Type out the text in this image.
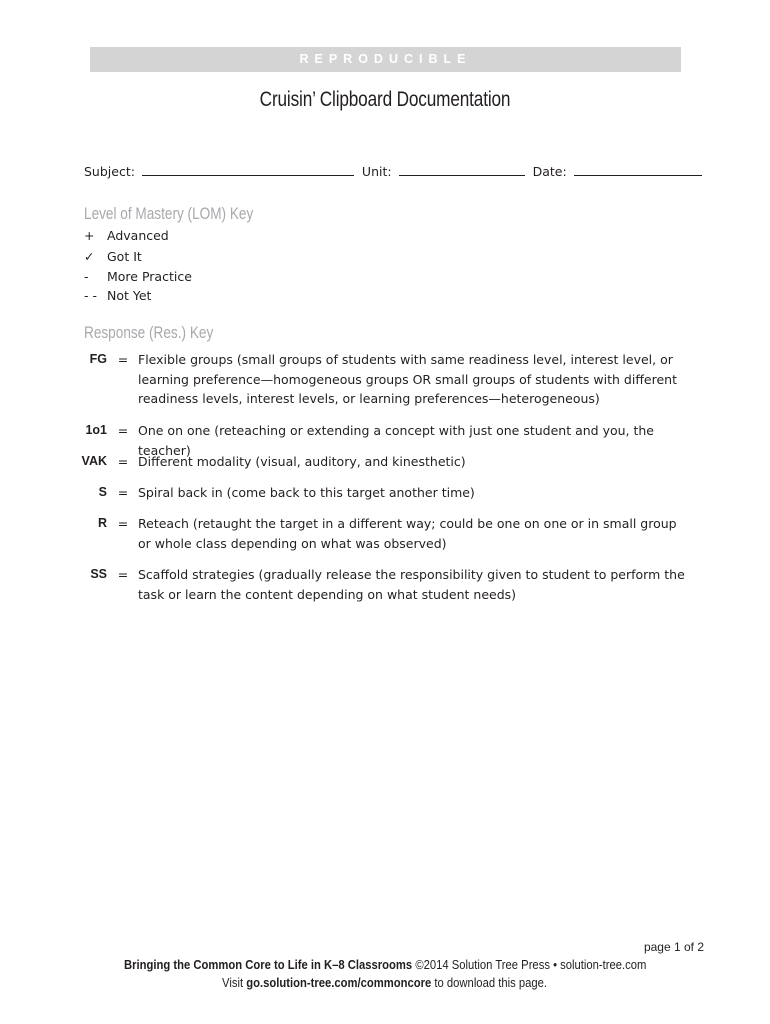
REPRODUCIBLE
Cruisin’ Clipboard Documentation
Subject:	Unit:	Date:
Level of Mastery (LOM) Key
+ Advanced
✓ Got It
- More Practice
- - Not Yet
Response (Res.) Key
FG = Flexible groups (small groups of students with same readiness level, interest level, or learning preference—homogeneous groups OR small groups of students with different readiness levels, interest levels, or learning preferences—heterogeneous)
1o1 = One on one (reteaching or extending a concept with just one student and you, the teacher)
VAK = Different modality (visual, auditory, and kinesthetic)
S = Spiral back in (come back to this target another time)
R = Reteach (retaught the target in a different way; could be one on one or in small group or whole class depending on what was observed)
SS = Scaffold strategies (gradually release the responsibility given to student to perform the task or learn the content depending on what student needs)
page 1 of 2
Bringing the Common Core to Life in K–8 Classrooms ©2014 Solution Tree Press • solution-tree.com
Visit go.solution-tree.com/commoncore to download this page.
